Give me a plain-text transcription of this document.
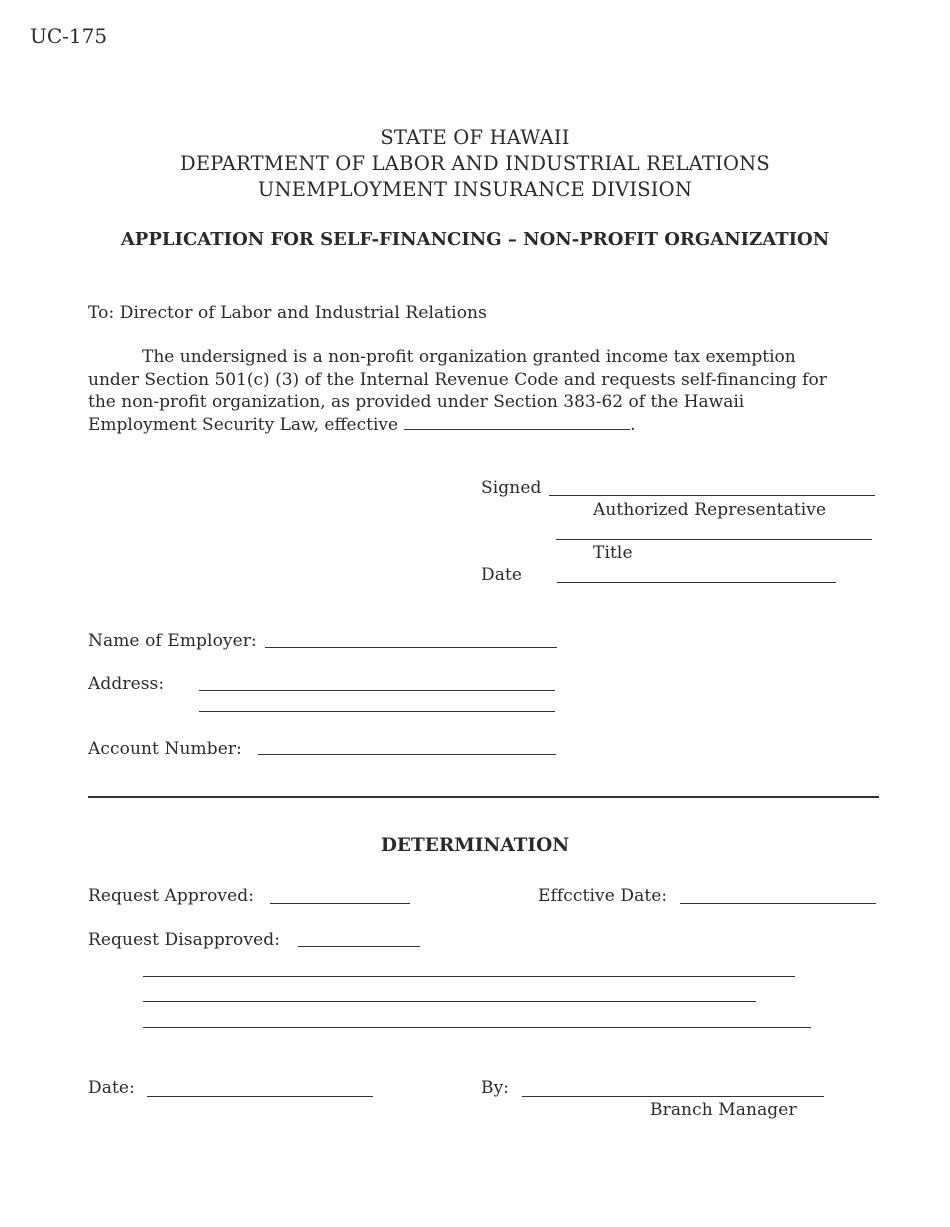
UC-175
STATE OF HAWAII
DEPARTMENT OF LABOR AND INDUSTRIAL RELATIONS
UNEMPLOYMENT INSURANCE DIVISION
APPLICATION FOR SELF-FINANCING – NON-PROFIT ORGANIZATION
To: Director of Labor and Industrial Relations
The undersigned is a non-profit organization granted income tax exemption
under Section 501(c) (3) of the Internal Revenue Code and requests self-financing for
the non-profit organization, as provided under Section 383-62 of the Hawaii
Employment Security Law, effective	.
Signed
Authorized Representative
Title
Date
Name of Employer:
Address:
Account Number:
DETERMINATION
Request Approved:	Effcctive Date:
Request Disapproved:
Date:	By:
Branch Manager
